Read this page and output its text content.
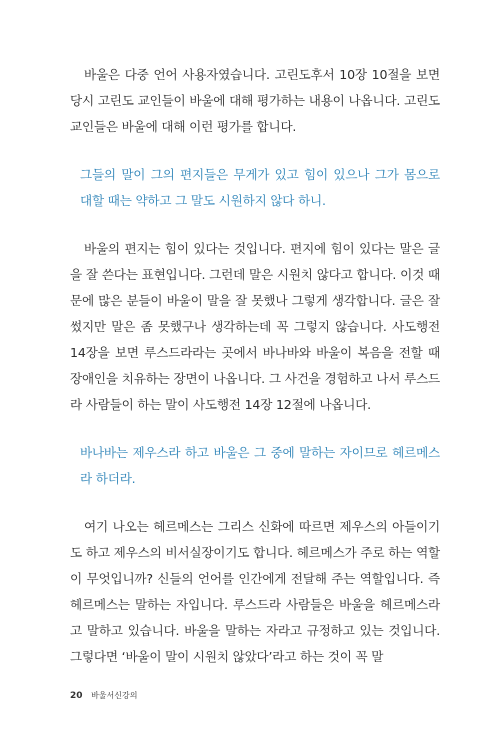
바울은 다중 언어 사용자였습니다. 고린도후서 10장 10절을 보면 당시 고린도 교인들이 바울에 대해 평가하는 내용이 나옵니다. 고린도 교인들은 바울에 대해 이런 평가를 합니다.

그들의 말이 그의 편지들은 무게가 있고 힘이 있으나 그가 몸으로 대할 때는 약하고 그 말도 시원하지 않다 하니.

바울의 편지는 힘이 있다는 것입니다. 편지에 힘이 있다는 말은 글을 잘 쓴다는 표현입니다. 그런데 말은 시원치 않다고 합니다. 이것 때문에 많은 분들이 바울이 말을 잘 못했나 그렇게 생각합니다. 글은 잘 썼지만 말은 좀 못했구나 생각하는데 꼭 그렇지 않습니다. 사도행전 14장을 보면 루스드라라는 곳에서 바나바와 바울이 복음을 전할 때 장애인을 치유하는 장면이 나옵니다. 그 사건을 경험하고 나서 루스드라 사람들이 하는 말이 사도행전 14장 12절에 나옵니다.

바나바는 제우스라 하고 바울은 그 중에 말하는 자이므로 헤르메스라 하더라.

여기 나오는 헤르메스는 그리스 신화에 따르면 제우스의 아들이기도 하고 제우스의 비서실장이기도 합니다. 헤르메스가 주로 하는 역할이 무엇입니까? 신들의 언어를 인간에게 전달해 주는 역할입니다. 즉 헤르메스는 말하는 자입니다. 루스드라 사람들은 바울을 헤르메스라고 말하고 있습니다. 바울을 말하는 자라고 규정하고 있는 것입니다. 그렇다면 ‘바울이 말이 시원치 않았다’라고 하는 것이 꼭 말

20 바울서신강의
